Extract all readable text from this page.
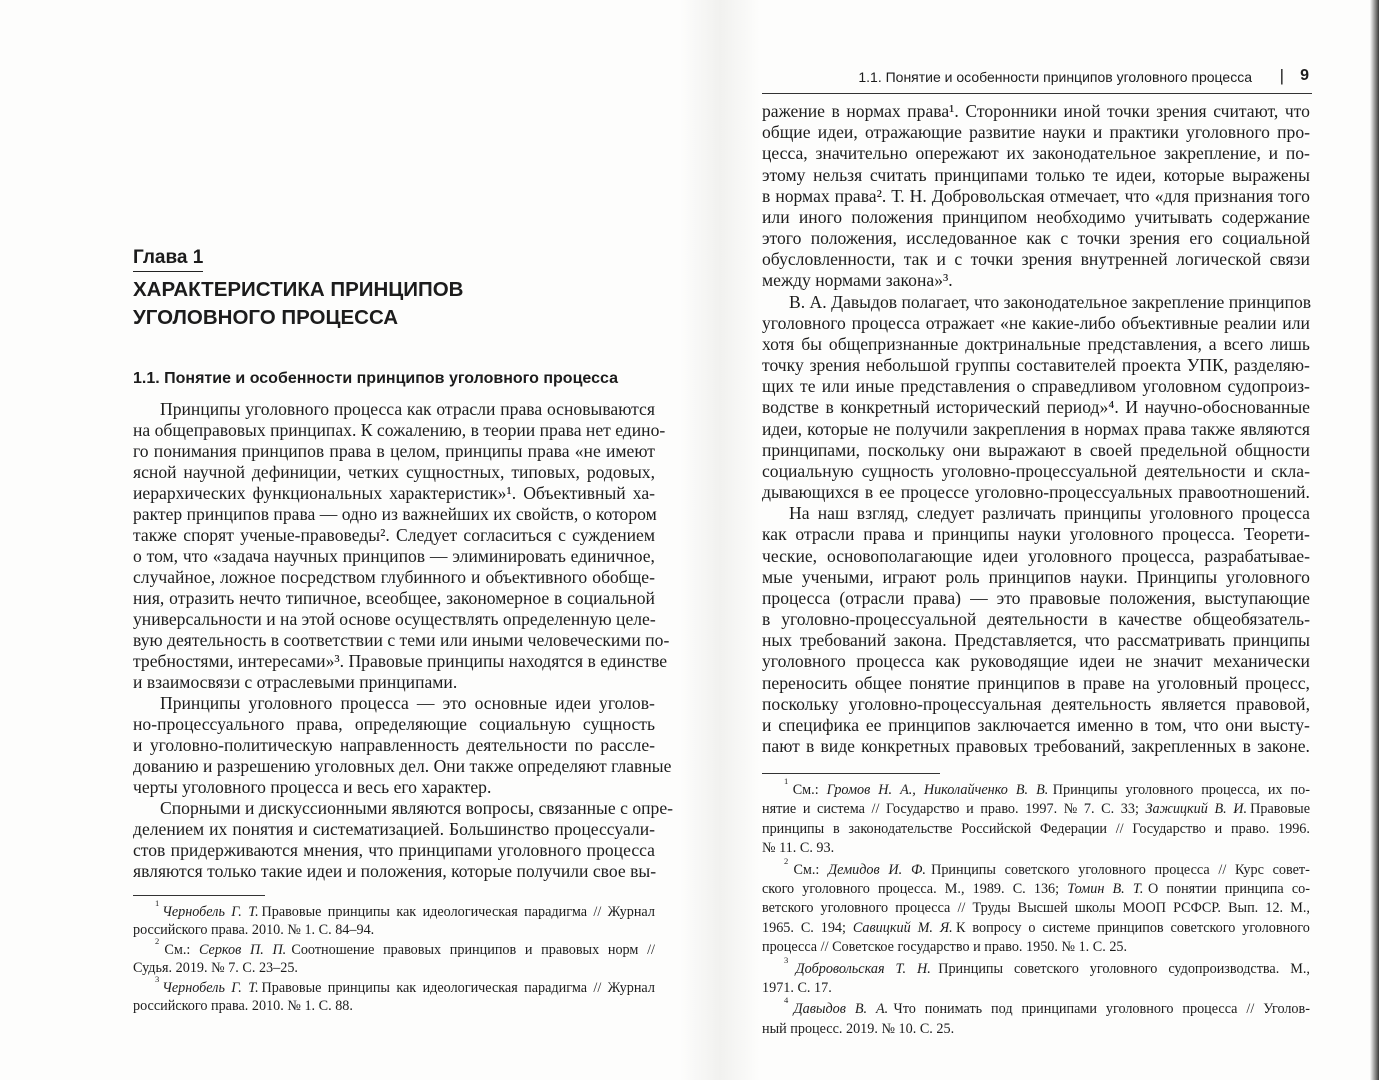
1.1. Понятие и особенности принципов уголовного процесса | 9
Глава 1
ХАРАКТЕРИСТИКА ПРИНЦИПОВ
УГОЛОВНОГО ПРОЦЕССА
1.1. Понятие и особенности принципов уголовного процесса
Принципы уголовного процесса как отрасли права основываются
на общеправовых принципах. К сожалению, в теории права нет едино-
го понимания принципов права в целом, принципы права «не имеют
ясной научной дефиниции, четких сущностных, типовых, родовых,
иерархических функциональных характеристик»¹. Объективный ха-
рактер принципов права — одно из важнейших их свойств, о котором
также спорят ученые-правоведы². Следует согласиться с суждением
о том, что «задача научных принципов — элиминировать единичное,
случайное, ложное посредством глубинного и объективного обобще-
ния, отразить нечто типичное, всеобщее, закономерное в социальной
универсальности и на этой основе осуществлять определенную целе-
вую деятельность в соответствии с теми или иными человеческими по-
требностями, интересами»³. Правовые принципы находятся в единстве
и взаимосвязи с отраслевыми принципами.
Принципы уголовного процесса — это основные идеи уголов-
но-процессуального права, определяющие социальную сущность
и уголовно-политическую направленность деятельности по рассле-
дованию и разрешению уголовных дел. Они также определяют главные
черты уголовного процесса и весь его характер.
Спорными и дискуссионными являются вопросы, связанные с опре-
делением их понятия и систематизацией. Большинство процессуали-
стов придерживаются мнения, что принципами уголовного процесса
являются только такие идеи и положения, которые получили свое вы-
1
Чернобель Г. Т. Правовые принципы как идеологическая парадигма // Журнал
российского права. 2010. № 1. С. 84–94.
2
См.: Серков П. П. Соотношение правовых принципов и правовых норм //
Судья. 2019. № 7. С. 23–25.
3
Чернобель Г. Т. Правовые принципы как идеологическая парадигма // Журнал
российского права. 2010. № 1. С. 88.
ражение в нормах права¹. Сторонники иной точки зрения считают, что
общие идеи, отражающие развитие науки и практики уголовного про-
цесса, значительно опережают их законодательное закрепление, и по-
этому нельзя считать принципами только те идеи, которые выражены
в нормах права². Т. Н. Добровольская отмечает, что «для признания того
или иного положения принципом необходимо учитывать содержание
этого положения, исследованное как с точки зрения его социальной
обусловленности, так и с точки зрения внутренней логической связи
между нормами закона»³.
В. А. Давыдов полагает, что законодательное закрепление принципов
уголовного процесса отражает «не какие-либо объективные реалии или
хотя бы общепризнанные доктринальные представления, а всего лишь
точку зрения небольшой группы составителей проекта УПК, разделяю-
щих те или иные представления о справедливом уголовном судопроиз-
водстве в конкретный исторический период»⁴. И научно-обоснованные
идеи, которые не получили закрепления в нормах права также являются
принципами, поскольку они выражают в своей предельной общности
социальную сущность уголовно-процессуальной деятельности и скла-
дывающихся в ее процессе уголовно-процессуальных правоотношений.
На наш взгляд, следует различать принципы уголовного процесса
как отрасли права и принципы науки уголовного процесса. Теорети-
ческие, основополагающие идеи уголовного процесса, разрабатывае-
мые учеными, играют роль принципов науки. Принципы уголовного
процесса (отрасли права) — это правовые положения, выступающие
в уголовно-процессуальной деятельности в качестве общеобязатель-
ных требований закона. Представляется, что рассматривать принципы
уголовного процесса как руководящие идеи не значит механически
переносить общее понятие принципов в праве на уголовный процесс,
поскольку уголовно-процессуальная деятельность является правовой,
и специфика ее принципов заключается именно в том, что они высту-
пают в виде конкретных правовых требований, закрепленных в законе.
1
См.: Громов Н. А., Николайченко В. В. Принципы уголовного процесса, их по-
нятие и система // Государство и право. 1997. № 7. С. 33; Зажицкий В. И. Правовые
принципы в законодательстве Российской Федерации // Государство и право. 1996.
№ 11. С. 93.
2
См.: Демидов И. Ф. Принципы советского уголовного процесса // Курс совет-
ского уголовного процесса. М., 1989. С. 136; Томин В. Т. О понятии принципа со-
ветского уголовного процесса // Труды Высшей школы МООП РСФСР. Вып. 12. М.,
1965. С. 194; Савицкий М. Я. К вопросу о системе принципов советского уголовного
процесса // Советское государство и право. 1950. № 1. С. 25.
3
Добровольская Т. Н. Принципы советского уголовного судопроизводства. М.,
1971. С. 17.
4
Давыдов В. А. Что понимать под принципами уголовного процесса // Уголов-
ный процесс. 2019. № 10. С. 25.
